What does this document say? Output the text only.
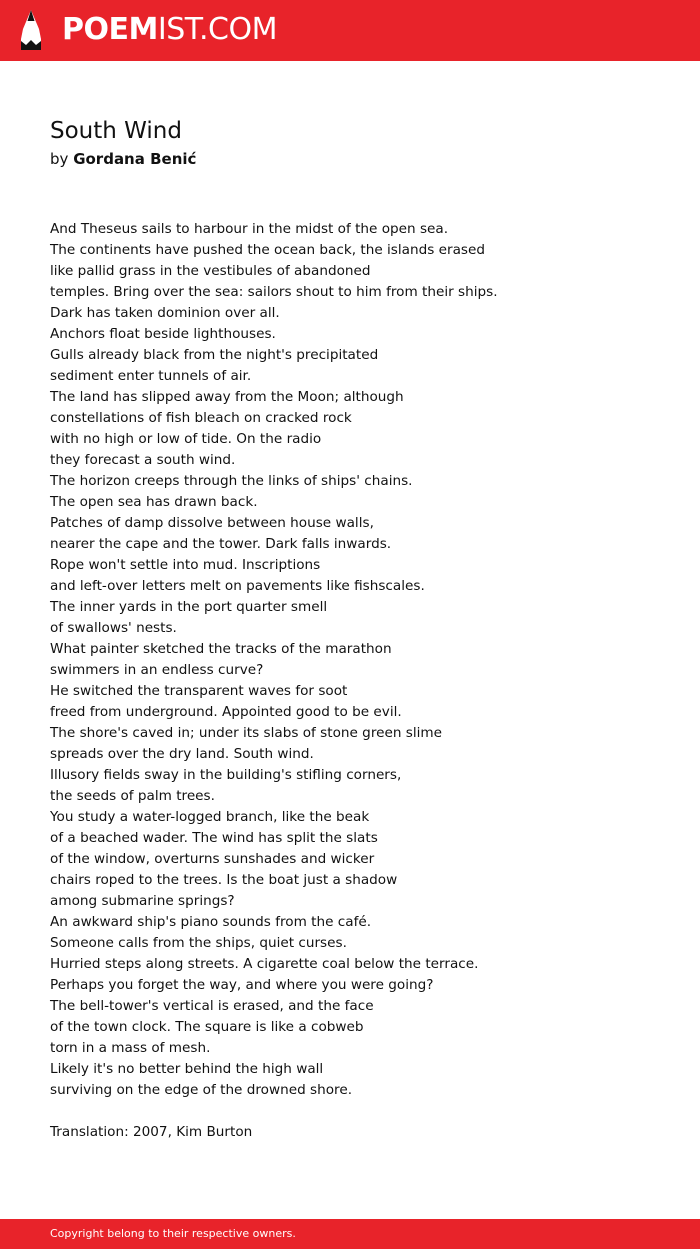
POEMIST.COM
South Wind
by Gordana Benić
And Theseus sails to harbour in the midst of the open sea.
The continents have pushed the ocean back, the islands erased
like pallid grass in the vestibules of abandoned
temples. Bring over the sea: sailors shout to him from their ships.
Dark has taken dominion over all.
Anchors float beside lighthouses.
Gulls already black from the night's precipitated
sediment enter tunnels of air.
The land has slipped away from the Moon; although
constellations of fish bleach on cracked rock
with no high or low of tide. On the radio
they forecast a south wind.
The horizon creeps through the links of ships' chains.
The open sea has drawn back.
Patches of damp dissolve between house walls,
nearer the cape and the tower. Dark falls inwards.
Rope won't settle into mud. Inscriptions
and left-over letters melt on pavements like fishscales.
The inner yards in the port quarter smell
of swallows' nests.
What painter sketched the tracks of the marathon
swimmers in an endless curve?
He switched the transparent waves for soot
freed from underground. Appointed good to be evil.
The shore's caved in; under its slabs of stone green slime
spreads over the dry land. South wind.
Illusory fields sway in the building's stifling corners,
the seeds of palm trees.
You study a water-logged branch, like the beak
of a beached wader. The wind has split the slats
of the window, overturns sunshades and wicker
chairs roped to the trees. Is the boat just a shadow
among submarine springs?
An awkward ship's piano sounds from the café.
Someone calls from the ships, quiet curses.
Hurried steps along streets. A cigarette coal below the terrace.
Perhaps you forget the way, and where you were going?
The bell-tower's vertical is erased, and the face
of the town clock. The square is like a cobweb
torn in a mass of mesh.
Likely it's no better behind the high wall
surviving on the edge of the drowned shore.
Translation: 2007, Kim Burton
Copyright belong to their respective owners.
